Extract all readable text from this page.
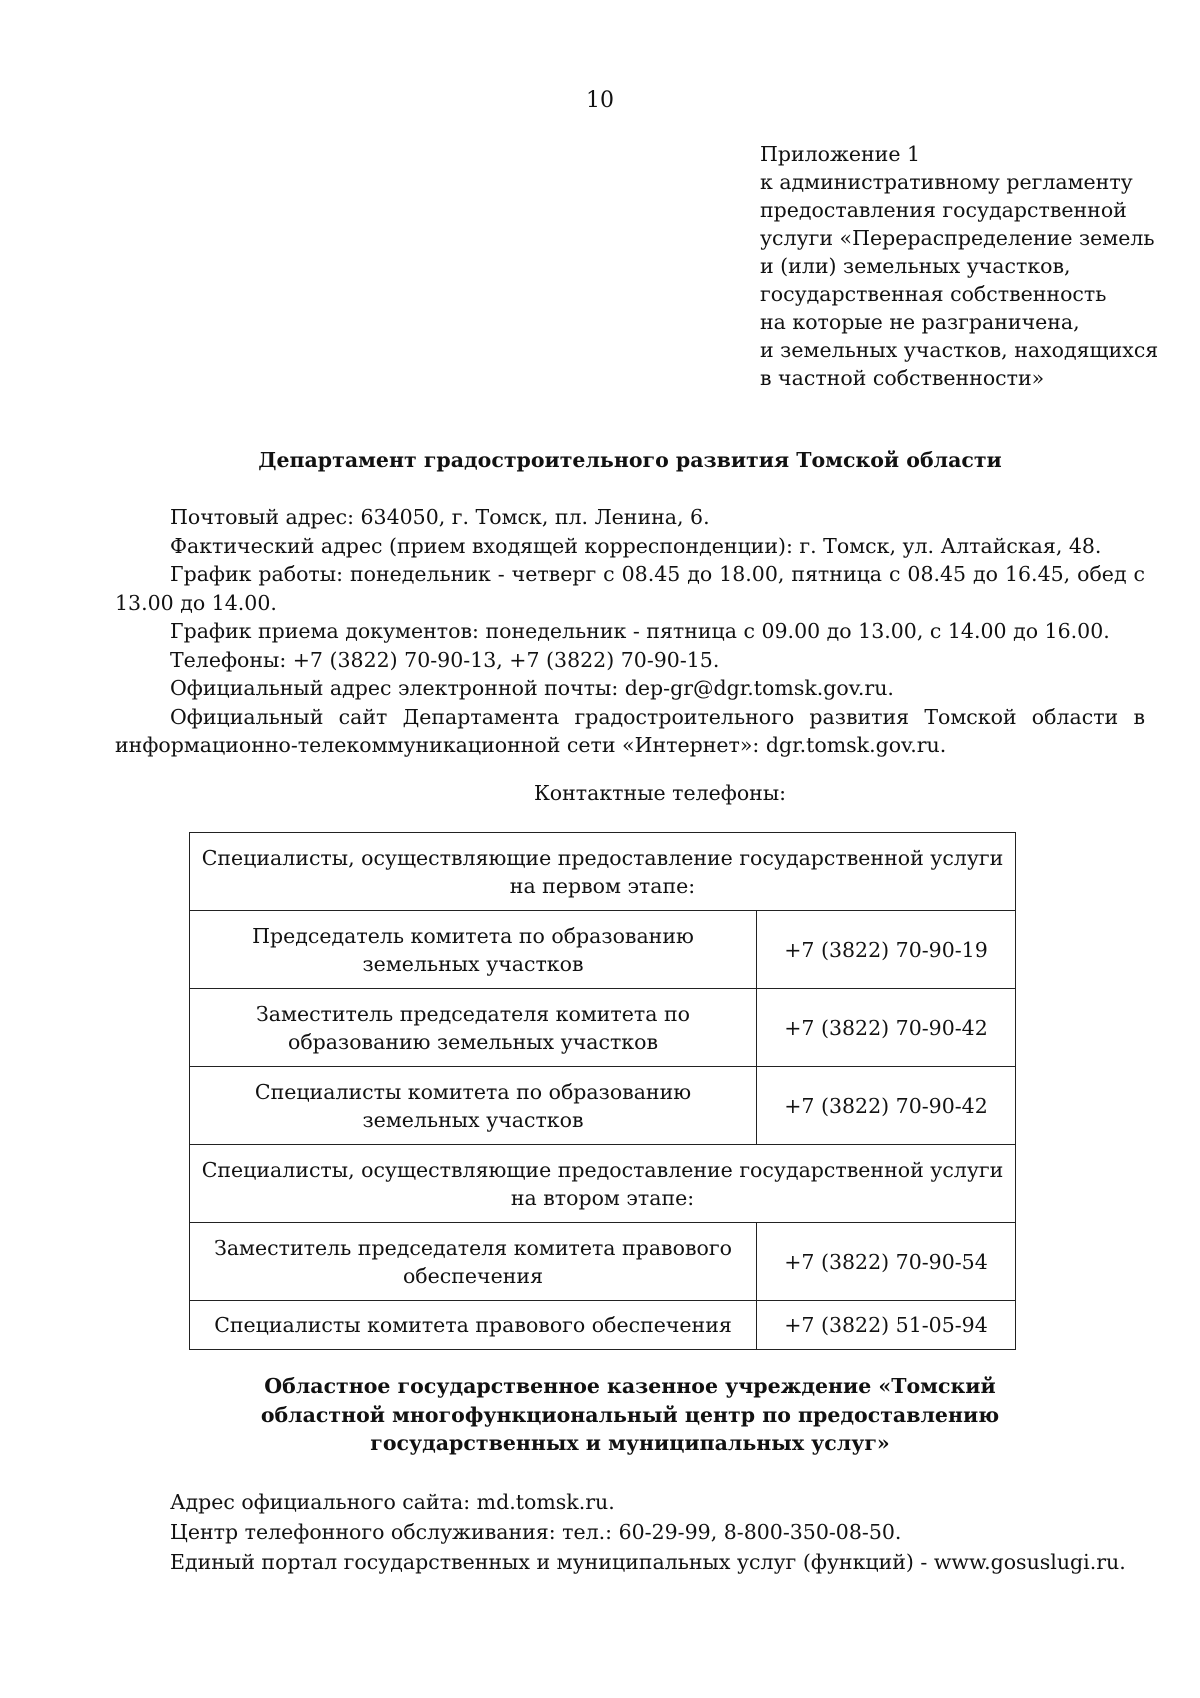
10
Приложение 1
к административному регламенту
предоставления государственной
услуги «Перераспределение земель
и (или) земельных участков,
государственная собственность
на которые не разграничена,
и земельных участков, находящихся
в частной собственности»
Департамент градостроительного развития Томской области

Почтовый адрес: 634050, г. Томск, пл. Ленина, 6.

Фактический адрес (прием входящей корреспонденции): г. Томск, ул. Алтайская, 48.

График работы: понедельник - четверг с 08.45 до 18.00, пятница с 08.45 до 16.45, обед с 13.00 до 14.00.

График приема документов: понедельник - пятница с 09.00 до 13.00, с 14.00 до 16.00.

Телефоны: +7 (3822) 70-90-13, +7 (3822) 70-90-15.

Официальный адрес электронной почты: dep-gr@dgr.tomsk.gov.ru.

Официальный сайт Департамента градостроительного развития Томской области в информационно-телекоммуникационной сети «Интернет»: dgr.tomsk.gov.ru.

Контактные телефоны:
Специалисты, осуществляющие предоставление государственной услуги на первом этапе:	
Председатель комитета по образованию земельных участков	+7 (3822) 70-90-19
Заместитель председателя комитета по образованию земельных участков	+7 (3822) 70-90-42
Специалисты комитета по образованию земельных участков	+7 (3822) 70-90-42
Специалисты, осуществляющие предоставление государственной услуги на втором этапе:	
Заместитель председателя комитета правового обеспечения	+7 (3822) 70-90-54
Специалисты комитета правового обеспечения	+7 (3822) 51-05-94
Областное государственное казенное учреждение «Томский
областной многофункциональный центр по предоставлению
государственных и муниципальных услуг»
Адрес официального сайта: md.tomsk.ru.
Центр телефонного обслуживания: тел.: 60-29-99, 8-800-350-08-50.
Единый портал государственных и муниципальных услуг (функций) - www.gosuslugi.ru.
